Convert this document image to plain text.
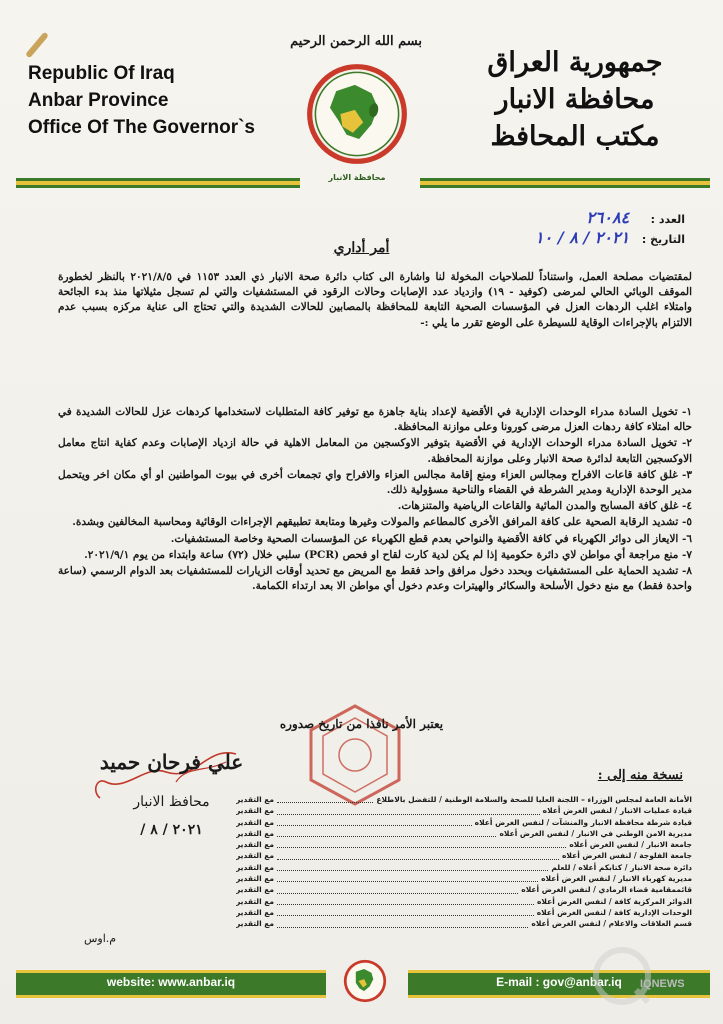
Republic Of Iraq
Anbar Province
Office Of The Governor`s
بسم الله الرحمن الرحيم
محافظة الانبار
جمهورية العراق
محافظة الانبار
مكتب المحافظ
العدد : ٢٦٠٨٤
التاريخ : ٢٠٢١ / ٨ / ١٠
أمر أداري

لمقتضيات مصلحة العمل، واستناداً للصلاحيات المخولة لنا واشارة الى كتاب دائرة صحة الانبار ذي العدد ١١٥٣ في ٢٠٢١/٨/٥ بالنظر لخطورة الموقف الوبائي الحالي لمرضى (كوفيد - ١٩) وازدياد عدد الإصابات وحالات الرقود في المستشفيات والتي لم تسجل مثيلاتها منذ بدء الجائحة وامتلاء اغلب الردهات العزل في المؤسسات الصحية التابعة للمحافظة بالمصابين للحالات الشديدة والتي تحتاج الى عناية مركزه بسبب عدم الالتزام بالإجراءات الوقاية للسيطرة على الوضع تقرر ما يلي :-

١- تخويل السادة مدراء الوحدات الإدارية في الأقضية لإعداد بناية جاهزة مع توفير كافة المتطلبات لاستخدامها كردهات عزل للحالات الشديدة في حاله امتلاء كافة ردهات العزل مرضى كورونا وعلى موازنة المحافظة.

٢- تخويل السادة مدراء الوحدات الإدارية في الأقضية بتوفير الاوكسجين من المعامل الاهلية في حالة ازدياد الإصابات وعدم كفاية انتاج معامل الاوكسجين التابعة لدائرة صحة الانبار وعلى موازنة المحافظة.

٣- غلق كافة قاعات الافراح ومجالس العزاء ومنع إقامة مجالس العزاء والافراح واي تجمعات أخرى في بيوت المواطنين او أي مكان اخر ويتحمل مدير الوحدة الإدارية ومدير الشرطة في القضاء والناحية مسؤولية ذلك.

٤- غلق كافة المسابح والمدن المائية والقاعات الرياضية والمتنزهات.

٥- تشديد الرقابة الصحية على كافة المرافق الأخرى كالمطاعم والمولات وغيرها ومتابعة تطبيقهم الإجراءات الوقائية ومحاسبة المخالفين وبشدة.

٦- الايعاز الى دوائر الكهرباء في كافة الأقضية والنواحي بعدم قطع الكهرباء عن المؤسسات الصحية وخاصة المستشفيات.

٧- منع مراجعة أي مواطن لاي دائرة حكومية إذا لم يكن لدية كارت لقاح او فحص (PCR) سلبي خلال (٧٢) ساعة وابتداء من يوم ٢٠٢١/٩/١.

٨- تشديد الحماية على المستشفيات وبحدد دخول مرافق واحد فقط مع المريض مع تحديد أوقات الزيارات للمستشفيات بعد الدوام الرسمي (ساعة واحدة فقط) مع منع دخول الأسلحة والسكائر والهيترات وعدم دخول أي مواطن الا بعد ارتداء الكمامة.

يعتبر الأمر نافذا من تاريخ صدوره
علي فرحان حميد
محافظ الانبار
٢٠٢١ / ٨ /
نسخة منه إلى :
الأمانة العامة لمجلس الوزراء – اللجنة العليا للصحة والسلامة الوطنية / للتفضل بالاطلاع
مع التقدير
قيادة عمليات الانبار / لنفس الغرض أعلاه
مع التقدير
قيادة شرطة محافظة الانبار والمنشآت / لنفس الغرض أعلاه
مع التقدير
مديرية الامن الوطني في الانبار / لنفس الغرض أعلاه
مع التقدير
جامعة الانبار / لنفس الغرض أعلاه
مع التقدير
جامعة الفلوجة / لنفس الغرض أعلاه
مع التقدير
دائرة صحة الانبار / كتابكم أعلاه / للعلم
مع التقدير
مديرية كهرباء الانبار / لنفس الغرض أعلاه
مع التقدير
قائممقامية قضاء الرمادي / لنفس الغرض أعلاه
مع التقدير
الدوائر المركزية كافة / لنفس الغرض أعلاه
مع التقدير
الوحدات الإدارية كافة / لنفس الغرض أعلاه
مع التقدير
قسم العلاقات والاعلام / لنفس الغرض أعلاه
مع التقدير
م.اوس
website: www.anbar.iq	E-mail : gov@anbar.iq	IQNEWS
